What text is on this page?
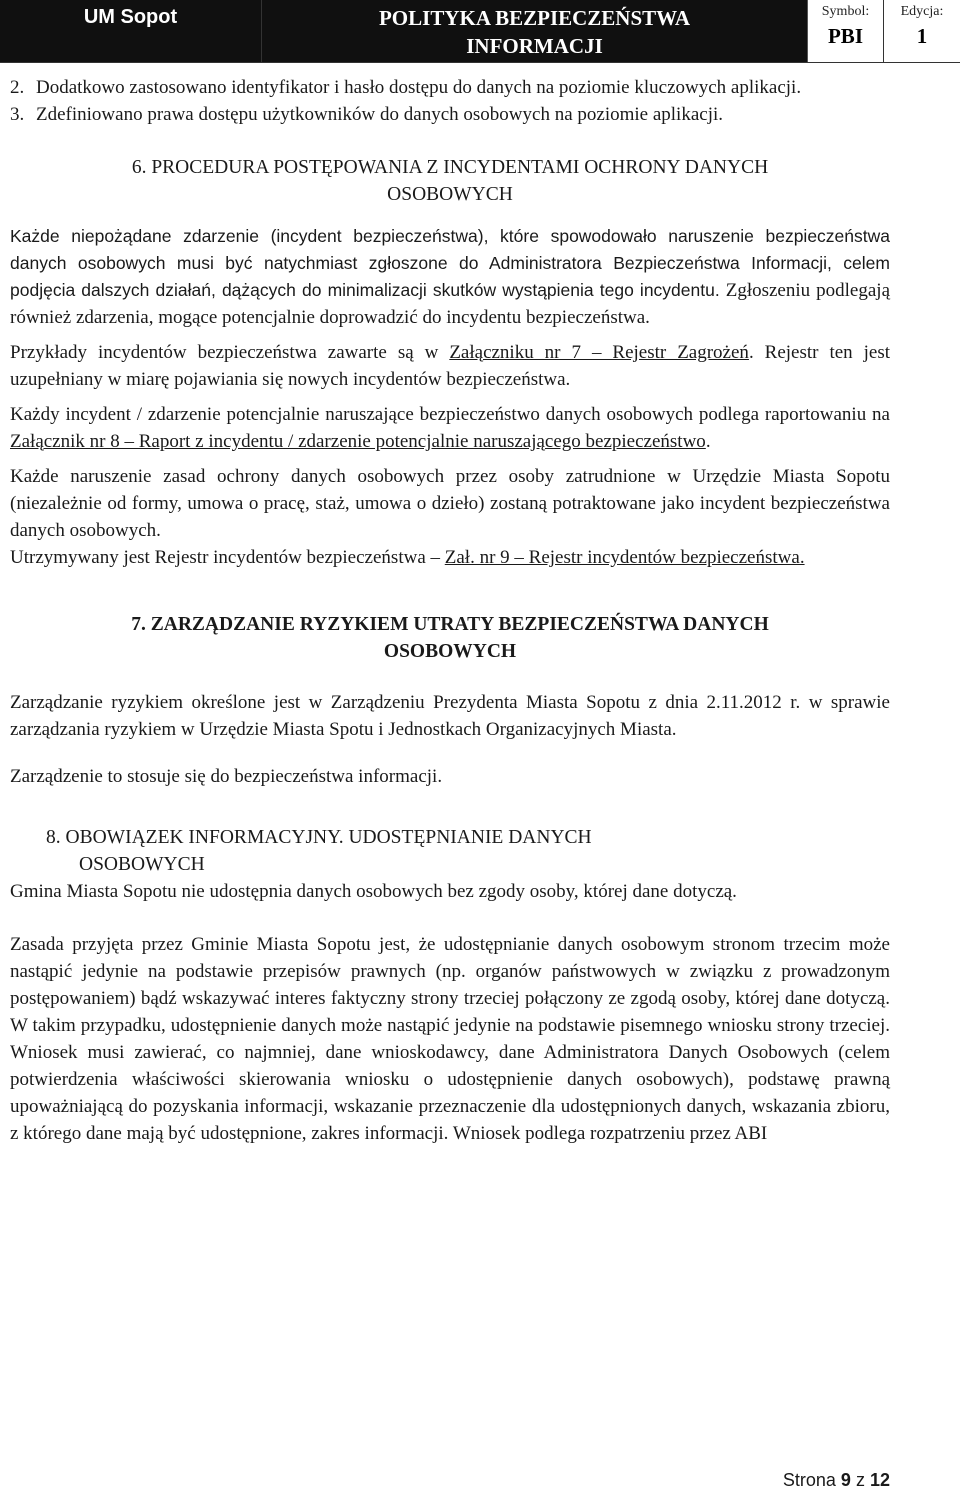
UM Sopot	POLITYKA BEZPIECZEŃSTWA
INFORMACJI
Symbol:
PBI
Edycja:
1
2. Dodatkowo zastosowano identyfikator i hasło dostępu do danych na poziomie kluczowych aplikacji.
3. Zdefiniowano prawa dostępu użytkowników do danych osobowych na poziomie aplikacji.
6. PROCEDURA POSTĘPOWANIA Z INCYDENTAMI OCHRONY DANYCH
OSOBOWYCH

Każde niepożądane zdarzenie (incydent bezpieczeństwa), które spowodowało naruszenie bezpieczeństwa danych osobowych musi być natychmiast zgłoszone do Administratora Bezpieczeństwa Informacji, celem podjęcia dalszych działań, dążących do minimalizacji skutków wystąpienia tego incydentu. Zgłoszeniu podlegają również zdarzenia, mogące potencjalnie doprowadzić do incydentu bezpieczeństwa.

Przykłady incydentów bezpieczeństwa zawarte są w Załączniku nr 7 – Rejestr Zagrożeń. Rejestr ten jest uzupełniany w miarę pojawiania się nowych incydentów bezpieczeństwa.

Każdy incydent / zdarzenie potencjalnie naruszające bezpieczeństwo danych osobowych podlega raportowaniu na Załącznik nr 8 – Raport z incydentu / zdarzenie potencjalnie naruszającego bezpieczeństwo.

Każde naruszenie zasad ochrony danych osobowych przez osoby zatrudnione w Urzędzie Miasta Sopotu (niezależnie od formy, umowa o pracę, staż, umowa o dzieło) zostaną potraktowane jako incydent bezpieczeństwa danych osobowych.

Utrzymywany jest Rejestr incydentów bezpieczeństwa – Zał. nr 9 – Rejestr incydentów bezpieczeństwa.

7. ZARZĄDZANIE RYZYKIEM UTRATY BEZPIECZEŃSTWA DANYCH
OSOBOWYCH

Zarządzanie ryzykiem określone jest w Zarządzeniu Prezydenta Miasta Sopotu z dnia 2.11.2012 r. w sprawie zarządzania ryzykiem w Urzędzie Miasta Spotu i Jednostkach Organizacyjnych Miasta.

Zarządzenie to stosuje się do bezpieczeństwa informacji.

8. OBOWIĄZEK INFORMACYJNY. UDOSTĘPNIANIE DANYCH
OSOBOWYCH

Gmina Miasta Sopotu nie udostępnia danych osobowych bez zgody osoby, której dane dotyczą.

Zasada przyjęta przez Gminie Miasta Sopotu jest, że udostępnianie danych osobowym stronom trzecim może nastąpić jedynie na podstawie przepisów prawnych (np. organów państwowych w związku z prowadzonym postępowaniem) bądź wskazywać interes faktyczny strony trzeciej połączony ze zgodą osoby, której dane dotyczą. W takim przypadku, udostępnienie danych może nastąpić jedynie na podstawie pisemnego wniosku strony trzeciej. Wniosek musi zawierać, co najmniej, dane wnioskodawcy, dane Administratora Danych Osobowych (celem potwierdzenia właściwości skierowania wniosku o udostępnienie danych osobowych), podstawę prawną upoważniającą do pozyskania informacji, wskazanie przeznaczenie dla udostępnionych danych, wskazania zbioru, z którego dane mają być udostępnione, zakres informacji. Wniosek podlega rozpatrzeniu przez ABI

Strona 9 z 12
